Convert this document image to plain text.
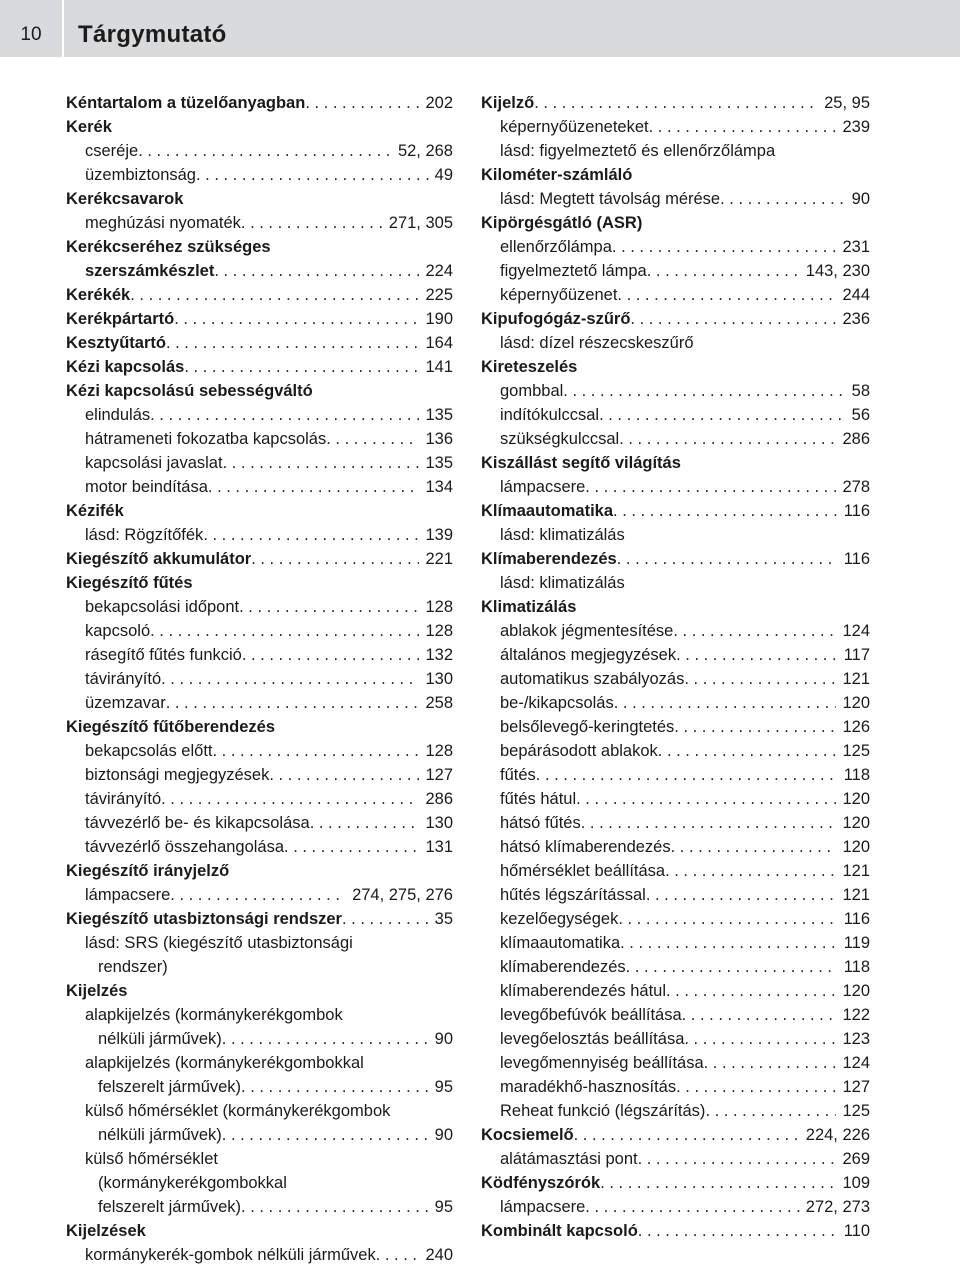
10	Tárgymutató
Kéntartalom a tüzelőanyagban . . .	202
Kerék
cseréje . . .	52, 268
üzembiztonság . . .	49
Kerékcsavarok
meghúzási nyomaték . . .	271, 305
Kerékcseréhez szükséges
szerszámkészlet . . .	224
Kerékék . . .	225
Kerékpártartó . . .	190
Kesztyűtartó . . .	164
Kézi kapcsolás . . .	141
Kézi kapcsolású sebességváltó
elindulás . . .	135
hátrameneti fokozatba kapcsolás . . .	136
kapcsolási javaslat . . .	135
motor beindítása . . .	134
Kézifék
lásd: Rögzítőfék . . .	139
Kiegészítő akkumulátor . . .	221
Kiegészítő fűtés
bekapcsolási időpont . . .	128
kapcsoló . . .	128
rásegítő fűtés funkció . . .	132
távirányító . . .	130
üzemzavar . . .	258
Kiegészítő fűtőberendezés
bekapcsolás előtt . . .	128
biztonsági megjegyzések . . .	127
távirányító . . .	286
távvezérlő be- és kikapcsolása . . .	130
távvezérlő összehangolása . . .	131
Kiegészítő irányjelző
lámpacsere . . .	274, 275, 276
Kiegészítő utasbiztonsági rendszer . . .	35
lásd: SRS (kiegészítő utasbiztonsági
rendszer)
Kijelzés
alapkijelzés (kormánykerékgombok
nélküli járművek) . . .	90
alapkijelzés (kormánykerékgombokkal
felszerelt járművek) . . .	95
külső hőmérséklet (kormánykerékgombok
nélküli járművek) . . .	90
külső hőmérséklet
(kormánykerékgombokkal
felszerelt járművek) . . .	95
Kijelzések
kormánykerék-gombok nélküli járművek . . .	240
Kijelző . . .	25, 95
képernyőüzeneteket . . .	239
lásd: figyelmeztető és ellenőrzőlámpa
Kilométer-számláló
lásd: Megtett távolság mérése . . .	90
Kipörgésgátló (ASR)
ellenőrzőlámpa . . .	231
figyelmeztető lámpa . . .	143, 230
képernyőüzenet . . .	244
Kipufogógáz-szűrő . . .	236
lásd: dízel részecskeszűrő
Kireteszelés
gombbal . . .	58
indítókulccsal . . .	56
szükségkulccsal . . .	286
Kiszállást segítő világítás
lámpacsere . . .	278
Klímaautomatika . . .	116
lásd: klimatizálás
Klímaberendezés . . .	116
lásd: klimatizálás
Klimatizálás
ablakok jégmentesítése . . .	124
általános megjegyzések . . .	117
automatikus szabályozás . . .	121
be-/kikapcsolás . . .	120
belsőlevegő-keringtetés . . .	126
bepárásodott ablakok . . .	125
fűtés . . .	118
fűtés hátul . . .	120
hátsó fűtés . . .	120
hátsó klímaberendezés . . .	120
hőmérséklet beállítása . . .	121
hűtés légszárítással . . .	121
kezelőegységek . . .	116
klímaautomatika . . .	119
klímaberendezés . . .	118
klímaberendezés hátul . . .	120
levegőbefúvók beállítása . . .	122
levegőelosztás beállítása . . .	123
levegőmennyiség beállítása . . .	124
maradékhő-hasznosítás . . .	127
Reheat funkció (légszárítás) . . .	125
Kocsiemelő . . .	224, 226
alátámasztási pont . . .	269
Ködfényszórók . . .	109
lámpacsere . . .	272, 273
Kombinált kapcsoló . . .	110
